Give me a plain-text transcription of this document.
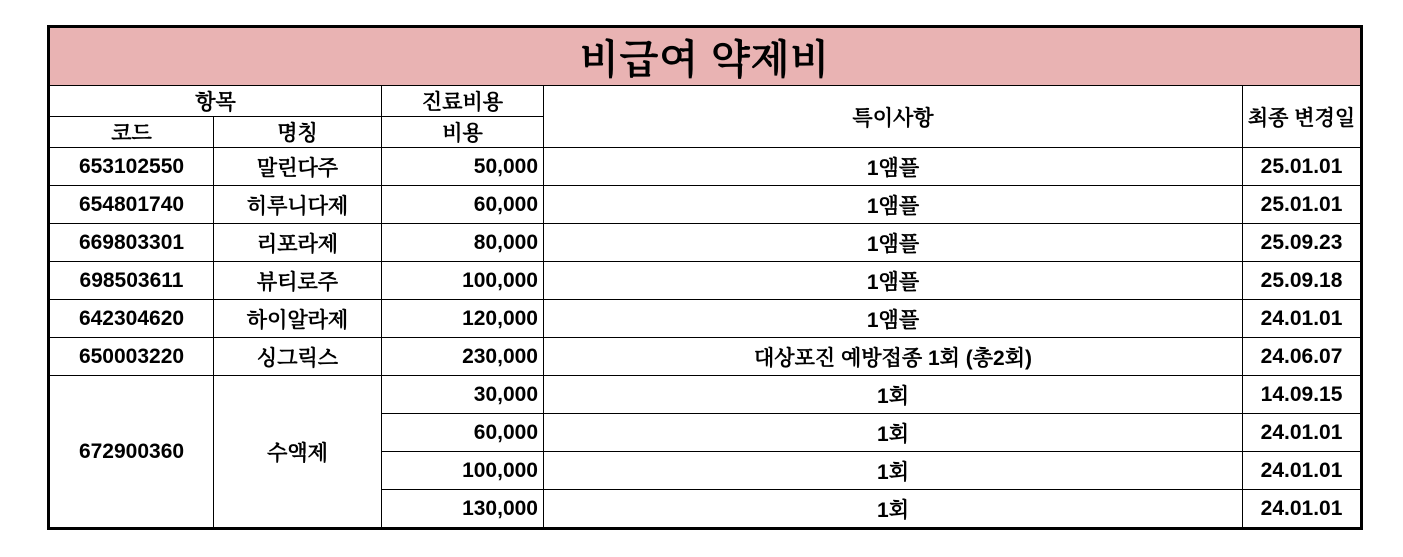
비급여 약제비				
항목		진료비용	특이사항	최종 변경일
코드	명칭	비용		
653102550	말린다주	50,000	1앰플	25.01.01
654801740	히루니다제	60,000	1앰플	25.01.01
669803301	리포라제	80,000	1앰플	25.09.23
698503611	뷰티로주	100,000	1앰플	25.09.18
642304620	하이알라제	120,000	1앰플	24.01.01
650003220	싱그릭스	230,000	대상포진 예방접종 1회 (총2회)	24.06.07
672900360	수액제	30,000	1회	14.09.15
		60,000	1회	24.01.01
		100,000	1회	24.01.01
		130,000	1회	24.01.01
